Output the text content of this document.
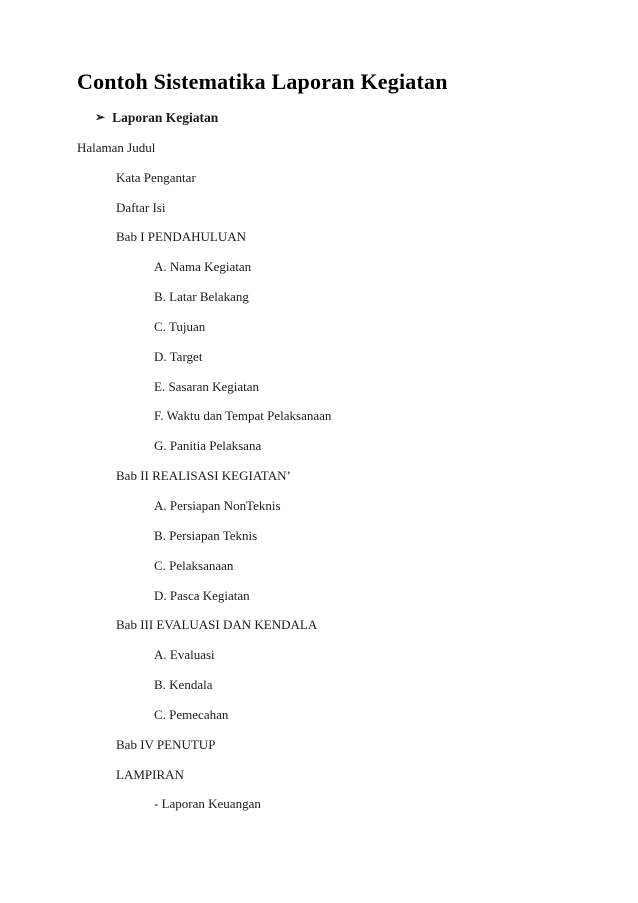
Contoh Sistematika Laporan Kegiatan
➢ Laporan Kegiatan
Halaman Judul
Kata Pengantar
Daftar Isi
Bab I PENDAHULUAN
A. Nama Kegiatan
B. Latar Belakang
C. Tujuan
D. Target
E. Sasaran Kegiatan
F. Waktu dan Tempat Pelaksanaan
G. Panitia Pelaksana
Bab II REALISASI KEGIATAN’
A. Persiapan NonTeknis
B. Persiapan Teknis
C. Pelaksanaan
D. Pasca Kegiatan
Bab III EVALUASI DAN KENDALA
A. Evaluasi
B. Kendala
C. Pemecahan
Bab IV PENUTUP
LAMPIRAN
- Laporan Keuangan
